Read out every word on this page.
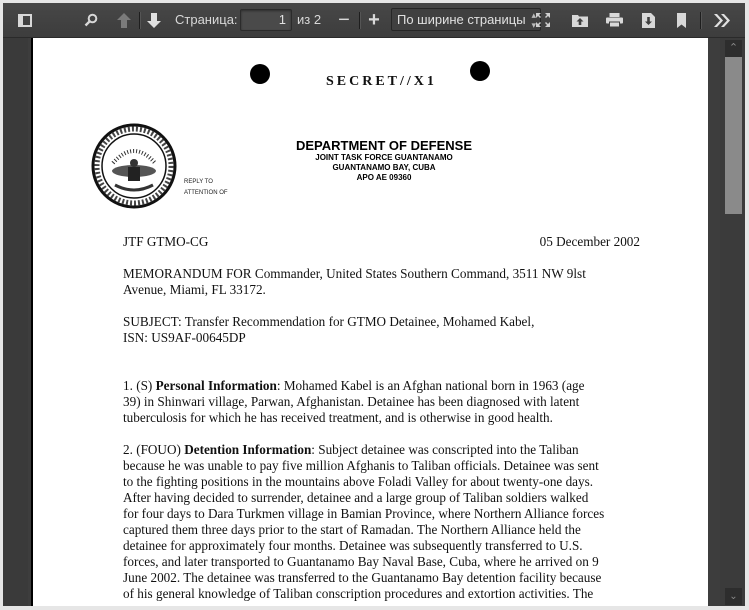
Страница:	1 из 2 − +	По ширине страницы ▴
▾
SECRET//X1
REPLY TO
ATTENTION OF
DEPARTMENT OF DEFENSE
JOINT TASK FORCE GUANTANAMO
GUANTANAMO BAY, CUBA
APO AE 09360
JTF GTMO-CG	05 December 2002
MEMORANDUM FOR Commander, United States Southern Command, 3511 NW 9lst
Avenue, Miami, FL 33172.
SUBJECT: Transfer Recommendation for GTMO Detainee, Mohamed Kabel,
ISN: US9AF-00645DP
1. (S) Personal Information: Mohamed Kabel is an Afghan national born in 1963 (age
39) in Shinwari village, Parwan, Afghanistan. Detainee has been diagnosed with latent
tuberculosis for which he has received treatment, and is otherwise in good health.
2. (FOUO) Detention Information: Subject detainee was conscripted into the Taliban
because he was unable to pay five million Afghanis to Taliban officials. Detainee was sent
to the fighting positions in the mountains above Foladi Valley for about twenty-one days.
After having decided to surrender, detainee and a large group of Taliban soldiers walked
for four days to Dara Turkmen village in Bamian Province, where Northern Alliance forces
captured them three days prior to the start of Ramadan. The Northern Alliance held the
detainee for approximately four months. Detainee was subsequently transferred to U.S.
forces, and later transported to Guantanamo Bay Naval Base, Cuba, where he arrived on 9
June 2002. The detainee was transferred to the Guantanamo Bay detention facility because
of his general knowledge of Taliban conscription procedures and extortion activities. The
⌃
⌄
